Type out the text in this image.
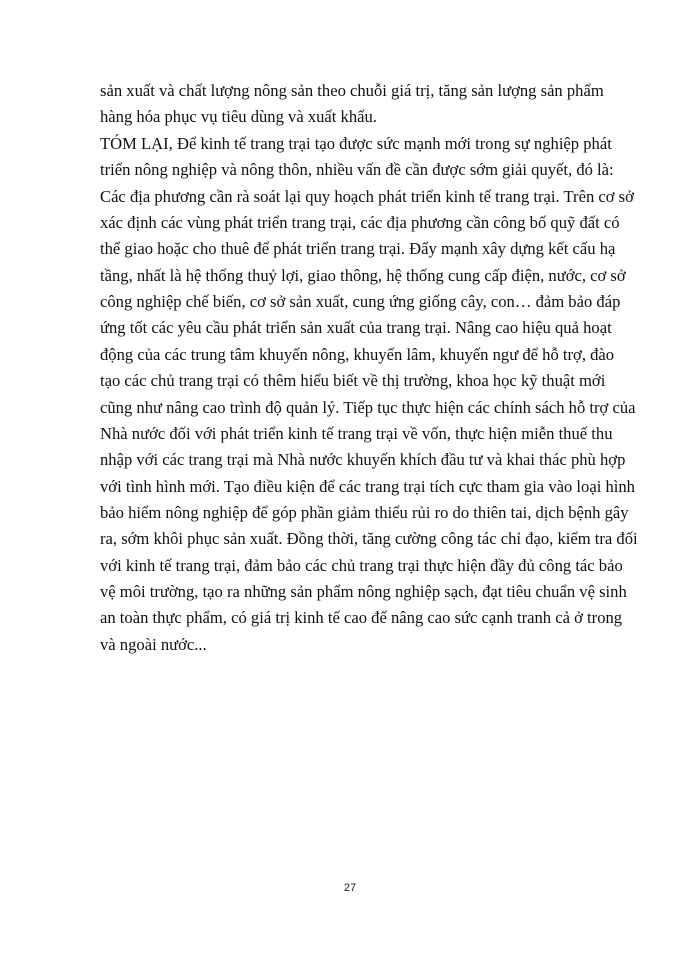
sản xuất và chất lượng nông sản theo chuỗi giá trị, tăng sản lượng sản phẩm
hàng hóa phục vụ tiêu dùng và xuất khẩu.
TÓM LẠI, Để kinh tế trang trại tạo được sức mạnh mới trong sự nghiệp phát
triển nông nghiệp và nông thôn, nhiều vấn đề cần được sớm giải quyết, đó là:
Các địa phương cần rà soát lại quy hoạch phát triển kinh tế trang trại. Trên cơ sở
xác định các vùng phát triển trang trại, các địa phương cần công bố quỹ đất có
thể giao hoặc cho thuê để phát triển trang trại. Đẩy mạnh xây dựng kết cấu hạ
tầng, nhất là hệ thống thuỷ lợi, giao thông, hệ thống cung cấp điện, nước, cơ sở
công nghiệp chế biến, cơ sở sản xuất, cung ứng giống cây, con… đảm bảo đáp
ứng tốt các yêu cầu phát triển sản xuất của trang trại. Nâng cao hiệu quả hoạt
động của các trung tâm khuyến nông, khuyến lâm, khuyến ngư để hỗ trợ, đào
tạo các chủ trang trại có thêm hiểu biết về thị trường, khoa học kỹ thuật mới
cũng như nâng cao trình độ quản lý. Tiếp tục thực hiện các chính sách hỗ trợ của
Nhà nước đối với phát triển kinh tế trang trại về vốn, thực hiện miễn thuế thu
nhập với các trang trại mà Nhà nước khuyến khích đầu tư và khai thác phù hợp
với tình hình mới. Tạo điều kiện để các trang trại tích cực tham gia vào loại hình
bảo hiểm nông nghiệp để góp phần giảm thiểu rủi ro do thiên tai, dịch bệnh gây
ra, sớm khôi phục sản xuất. Đồng thời, tăng cường công tác chỉ đạo, kiểm tra đối
với kinh tế trang trại, đảm bảo các chủ trang trại thực hiện đầy đủ công tác bảo
vệ môi trường, tạo ra những sản phẩm nông nghiệp sạch, đạt tiêu chuẩn vệ sinh
an toàn thực phẩm, có giá trị kinh tế cao để nâng cao sức cạnh tranh cả ở trong
và ngoài nước...
27
